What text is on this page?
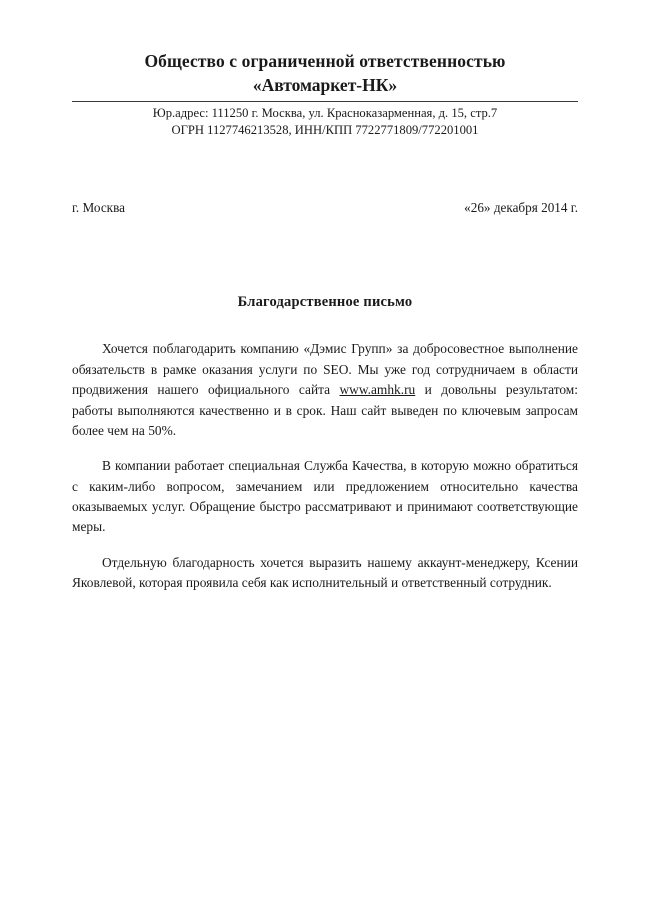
Общество с ограниченной ответственностью
«Автомаркет-НК»
Юр.адрес: 111250 г. Москва, ул. Красноказарменная, д. 15, стр.7
ОГРН 1127746213528, ИНН/КПП 7722771809/772201001
г. Москва	«26» декабря 2014 г.
Благодарственное письмо

Хочется поблагодарить компанию «Дэмис Групп» за добросовестное выполнение обязательств в рамке оказания услуги по SEO. Мы уже год сотрудничаем в области продвижения нашего официального сайта www.amhk.ru и довольны результатом: работы выполняются качественно и в срок. Наш сайт выведен по ключевым запросам более чем на 50%.

В компании работает специальная Служба Качества, в которую можно обратиться с каким-либо вопросом, замечанием или предложением относительно качества оказываемых услуг. Обращение быстро рассматривают и принимают соответствующие меры.

Отдельную благодарность хочется выразить нашему аккаунт-менеджеру, Ксении Яковлевой, которая проявила себя как исполнительный и ответственный сотрудник.
